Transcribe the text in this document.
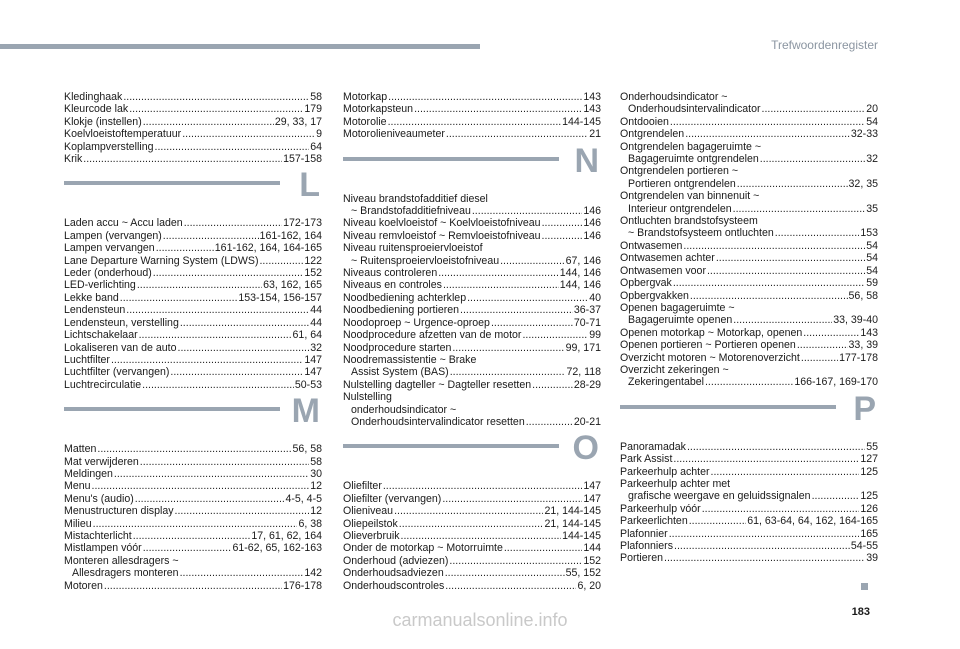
Trefwoordenregister
Kledinghaak .....	58
Kleurcode lak .....	179
Klokje (instellen) .....	29, 33, 17
Koelvloeistoftemperatuur .....	9
Koplampverstelling .....	64
Krik .....	157-158
L
Laden accu ~ Accu laden .....	172-173
Lampen (vervangen) .....	161-162, 164
Lampen vervangen .....	161-162, 164, 164-165
Lane Departure Warning System (LDWS) .....	122
Leder (onderhoud) .....	152
LED-verlichting .....	63, 162, 165
Lekke band .....	153-154, 156-157
Lendensteun .....	44
Lendensteun, verstelling .....	44
Lichtschakelaar .....	61, 64
Lokaliseren van de auto .....	32
Luchtfilter .....	147
Luchtfilter (vervangen) .....	147
Luchtrecirculatie .....	50-53
M
Matten .....	56, 58
Mat verwijderen .....	58
Meldingen .....	30
Menu .....	12
Menu's (audio) .....	4-5, 4-5
Menustructuren display .....	12
Milieu .....	6, 38
Mistachterlicht .....	17, 61, 62, 164
Mistlampen vóór .....	61-62, 65, 162-163
Monteren allesdragers ~
Allesdragers monteren .....	142
Motoren .....	176-178
Motorkap .....	143
Motorkapsteun .....	143
Motorolie .....	144-145
Motorolieniveaumeter .....	21
N
Niveau brandstofadditief diesel
~ Brandstofadditiefniveau .....	146
Niveau koelvloeistof ~ Koelvloeistofniveau .....	146
Niveau remvloeistof ~ Remvloeistofniveau .....	146
Niveau ruitensproeiervloeistof
~ Ruitensproeiervloeistofniveau .....	67, 146
Niveaus controleren .....	144, 146
Niveaus en controles .....	144, 146
Noodbediening achterklep .....	40
Noodbediening portieren .....	36-37
Noodoproep ~ Urgence-oproep .....	70-71
Noodprocedure afzetten van de motor .....	99
Noodprocedure starten .....	99, 171
Noodremassistentie ~ Brake
Assist System (BAS) .....	72, 118
Nulstelling dagteller ~ Dagteller resetten .....	28-29
Nulstelling
onderhoudsindicator ~
Onderhoudsintervalindicator resetten .....	20-21
O
Oliefilter .....	147
Oliefilter (vervangen) .....	147
Olieniveau .....	21, 144-145
Oliepeilstok .....	21, 144-145
Olieverbruik .....	144-145
Onder de motorkap ~ Motorruimte .....	144
Onderhoud (adviezen) .....	152
Onderhoudsadviezen .....	55, 152
Onderhoudscontroles .....	6, 20
Onderhoudsindicator ~
Onderhoudsintervalindicator .....	20
Ontdooien .....	54
Ontgrendelen .....	32-33
Ontgrendelen bagageruimte ~
Bagageruimte ontgrendelen .....	32
Ontgrendelen portieren ~
Portieren ontgrendelen .....	32, 35
Ontgrendelen van binnenuit ~
Interieur ontgrendelen .....	35
Ontluchten brandstofsysteem
~ Brandstofsysteem ontluchten .....	153
Ontwasemen .....	54
Ontwasemen achter .....	54
Ontwasemen voor .....	54
Opbergvak .....	59
Opbergvakken .....	56, 58
Openen bagageruimte ~
Bagageruimte openen .....	33, 39-40
Openen motorkap ~ Motorkap, openen .....	143
Openen portieren ~ Portieren openen .....	33, 39
Overzicht motoren ~ Motorenoverzicht .....	177-178
Overzicht zekeringen ~
Zekeringentabel .....	166-167, 169-170
P
Panoramadak .....	55
Park Assist .....	127
Parkeerhulp achter .....	125
Parkeerhulp achter met
grafische weergave en geluidssignalen .....	125
Parkeerhulp vóór .....	126
Parkeerlichten .....	61, 63-64, 64, 162, 164-165
Plafonnier .....	165
Plafonniers .....	54-55
Portieren .....	39
183
carmanualsonline.info
